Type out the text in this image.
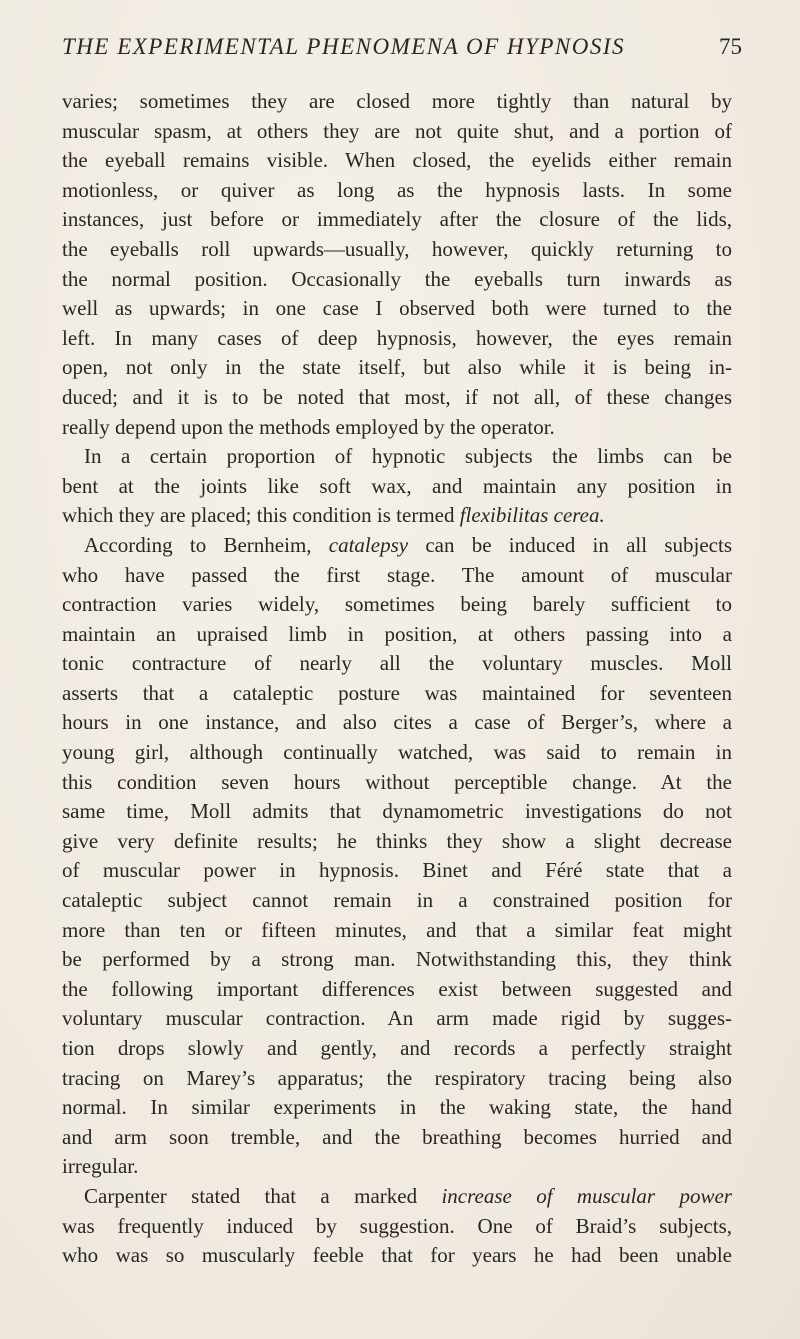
THE EXPERIMENTAL PHENOMENA OF HYPNOSIS	75
varies; sometimes they are closed more tightly than natural by
muscular spasm, at others they are not quite shut, and a portion of
the eyeball remains visible. When closed, the eyelids either remain
motionless, or quiver as long as the hypnosis lasts. In some
instances, just before or immediately after the closure of the lids,
the eyeballs roll upwards—usually, however, quickly returning to
the normal position. Occasionally the eyeballs turn inwards as
well as upwards; in one case I observed both were turned to the
left. In many cases of deep hypnosis, however, the eyes remain
open, not only in the state itself, but also while it is being in-
duced; and it is to be noted that most, if not all, of these changes
really depend upon the methods employed by the operator.
In a certain proportion of hypnotic subjects the limbs can be
bent at the joints like soft wax, and maintain any position in
which they are placed; this condition is termed flexibilitas cerea.
According to Bernheim, catalepsy can be induced in all subjects
who have passed the first stage. The amount of muscular
contraction varies widely, sometimes being barely sufficient to
maintain an upraised limb in position, at others passing into a
tonic contracture of nearly all the voluntary muscles. Moll
asserts that a cataleptic posture was maintained for seventeen
hours in one instance, and also cites a case of Berger’s, where a
young girl, although continually watched, was said to remain in
this condition seven hours without perceptible change. At the
same time, Moll admits that dynamometric investigations do not
give very definite results; he thinks they show a slight decrease
of muscular power in hypnosis. Binet and Féré state that a
cataleptic subject cannot remain in a constrained position for
more than ten or fifteen minutes, and that a similar feat might
be performed by a strong man. Notwithstanding this, they think
the following important differences exist between suggested and
voluntary muscular contraction. An arm made rigid by sugges-
tion drops slowly and gently, and records a perfectly straight
tracing on Marey’s apparatus; the respiratory tracing being also
normal. In similar experiments in the waking state, the hand
and arm soon tremble, and the breathing becomes hurried and
irregular.
Carpenter stated that a marked increase of muscular power
was frequently induced by suggestion. One of Braid’s subjects,
who was so muscularly feeble that for years he had been unable
